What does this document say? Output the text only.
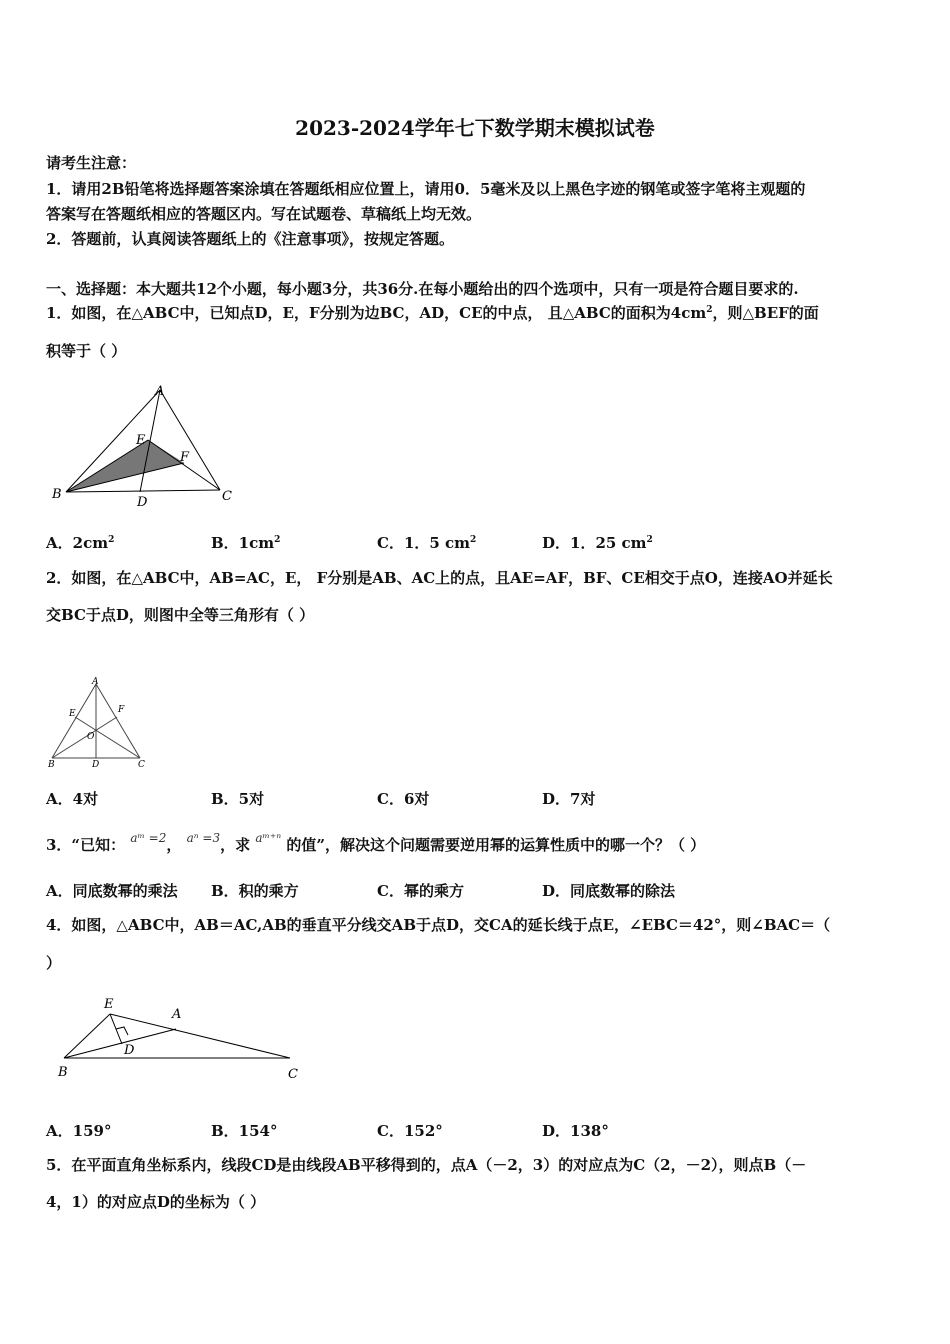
2023-2024学年七下数学期末模拟试卷
请考生注意：
1．请用2B铅笔将选择题答案涂填在答题纸相应位置上，请用0．5毫米及以上黑色字迹的钢笔或签字笔将主观题的
答案写在答题纸相应的答题区内。写在试题卷、草稿纸上均无效。
2．答题前，认真阅读答题纸上的《注意事项》，按规定答题。
一、选择题：本大题共12个小题，每小题3分，共36分.在每小题给出的四个选项中，只有一项是符合题目要求的.
1．如图，在△ABC中，已知点D，E，F分别为边BC，AD，CE的中点， 且△ABC的面积为$4cm^2$，则△BEF的面
积等于（ ）
A
B	C
D
E
F
A．$2cm^2$	B．$1cm^2$	C．1．5 $cm^2$	D．1．25 $cm^2$
2．如图，在△ABC中，AB=AC，E， F分别是AB、AC上的点，且AE=AF，BF、CE相交于点O，连接AO并延长
交BC于点D，则图中全等三角形有（ ）
A
B	C
D
E	F
O
A．4对	B．5对	C．6对	D．7对
3．“已知： $^{aᵐ =2}$， $^{a^n =3}$，求 $^{aᵐ^{+n}}$ 的值”，解决这个问题需要逆用幂的运算性质中的哪一个？（ ）
A．同底数幂的乘法 B．积的乘方	C．幂的乘方	D．同底数幂的除法
4．如图，△ABC中，AB＝AC,AB的垂直平分线交AB于点D，交CA的延长线于点E，∠EBC＝42°，则∠BAC＝（
）
E
A
D
B	C
A．159°	B．154°	C．152°	D．138°
5．在平面直角坐标系内，线段CD是由线段AB平移得到的，点A（－2，3）的对应点为C（2，－2），则点B（－
4，1）的对应点D的坐标为（ ）
